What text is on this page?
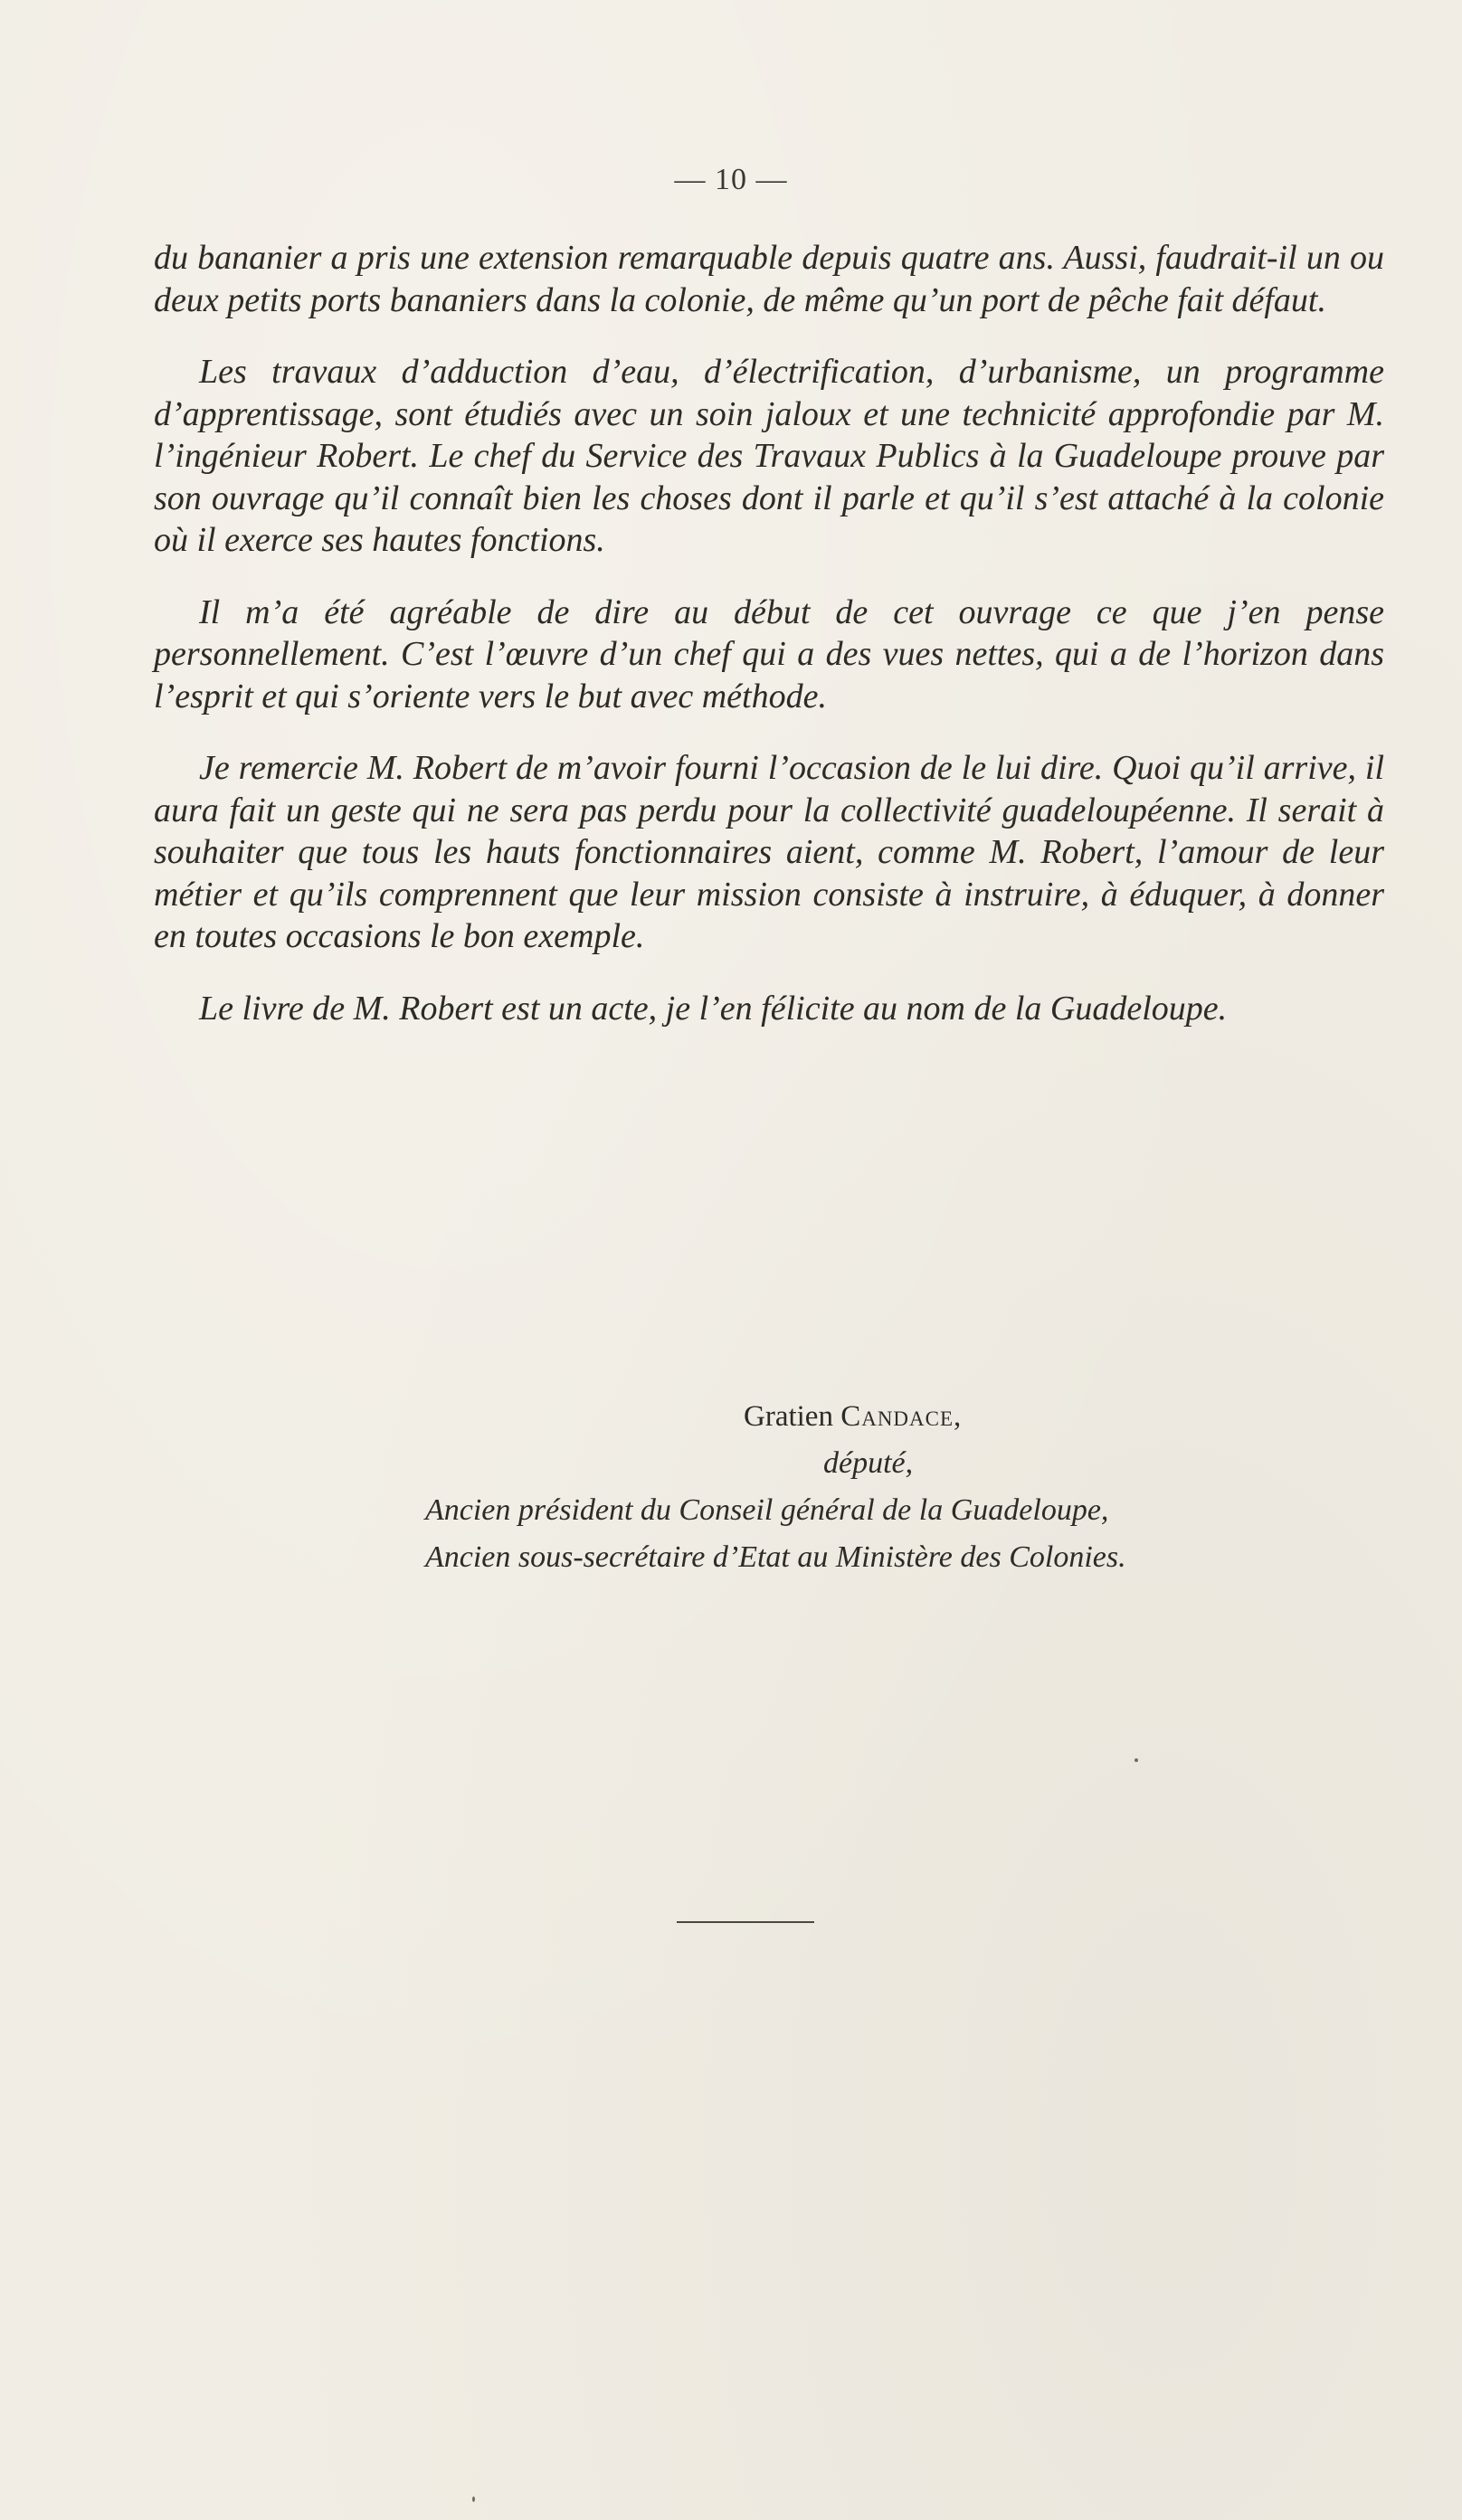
— 10 —

du bananier a pris une extension remarquable depuis quatre ans. Aussi, faudrait-il un ou deux petits ports bananiers dans la colonie, de même qu’un port de pêche fait défaut.

Les travaux d’adduction d’eau, d’électrification, d’urbanisme, un programme d’apprentissage, sont étudiés avec un soin jaloux et une technicité approfondie par M. l’ingénieur Robert. Le chef du Service des Travaux Publics à la Guadeloupe prouve par son ouvrage qu’il connaît bien les choses dont il parle et qu’il s’est attaché à la colonie où il exerce ses hautes fonctions.

Il m’a été agréable de dire au début de cet ouvrage ce que j’en pense personnellement. C’est l’œuvre d’un chef qui a des vues nettes, qui a de l’horizon dans l’esprit et qui s’oriente vers le but avec méthode.

Je remercie M. Robert de m’avoir fourni l’occasion de le lui dire. Quoi qu’il arrive, il aura fait un geste qui ne sera pas perdu pour la collectivité guadeloupéenne. Il serait à souhaiter que tous les hauts fonctionnaires aient, comme M. Robert, l’amour de leur métier et qu’ils comprennent que leur mission consiste à instruire, à éduquer, à donner en toutes occasions le bon exemple.

Le livre de M. Robert est un acte, je l’en félicite au nom de la Guadeloupe.

Gratien Candace,
député,
Ancien président du Conseil général de la Guadeloupe,
Ancien sous-secrétaire d’Etat au Ministère des Colonies.
